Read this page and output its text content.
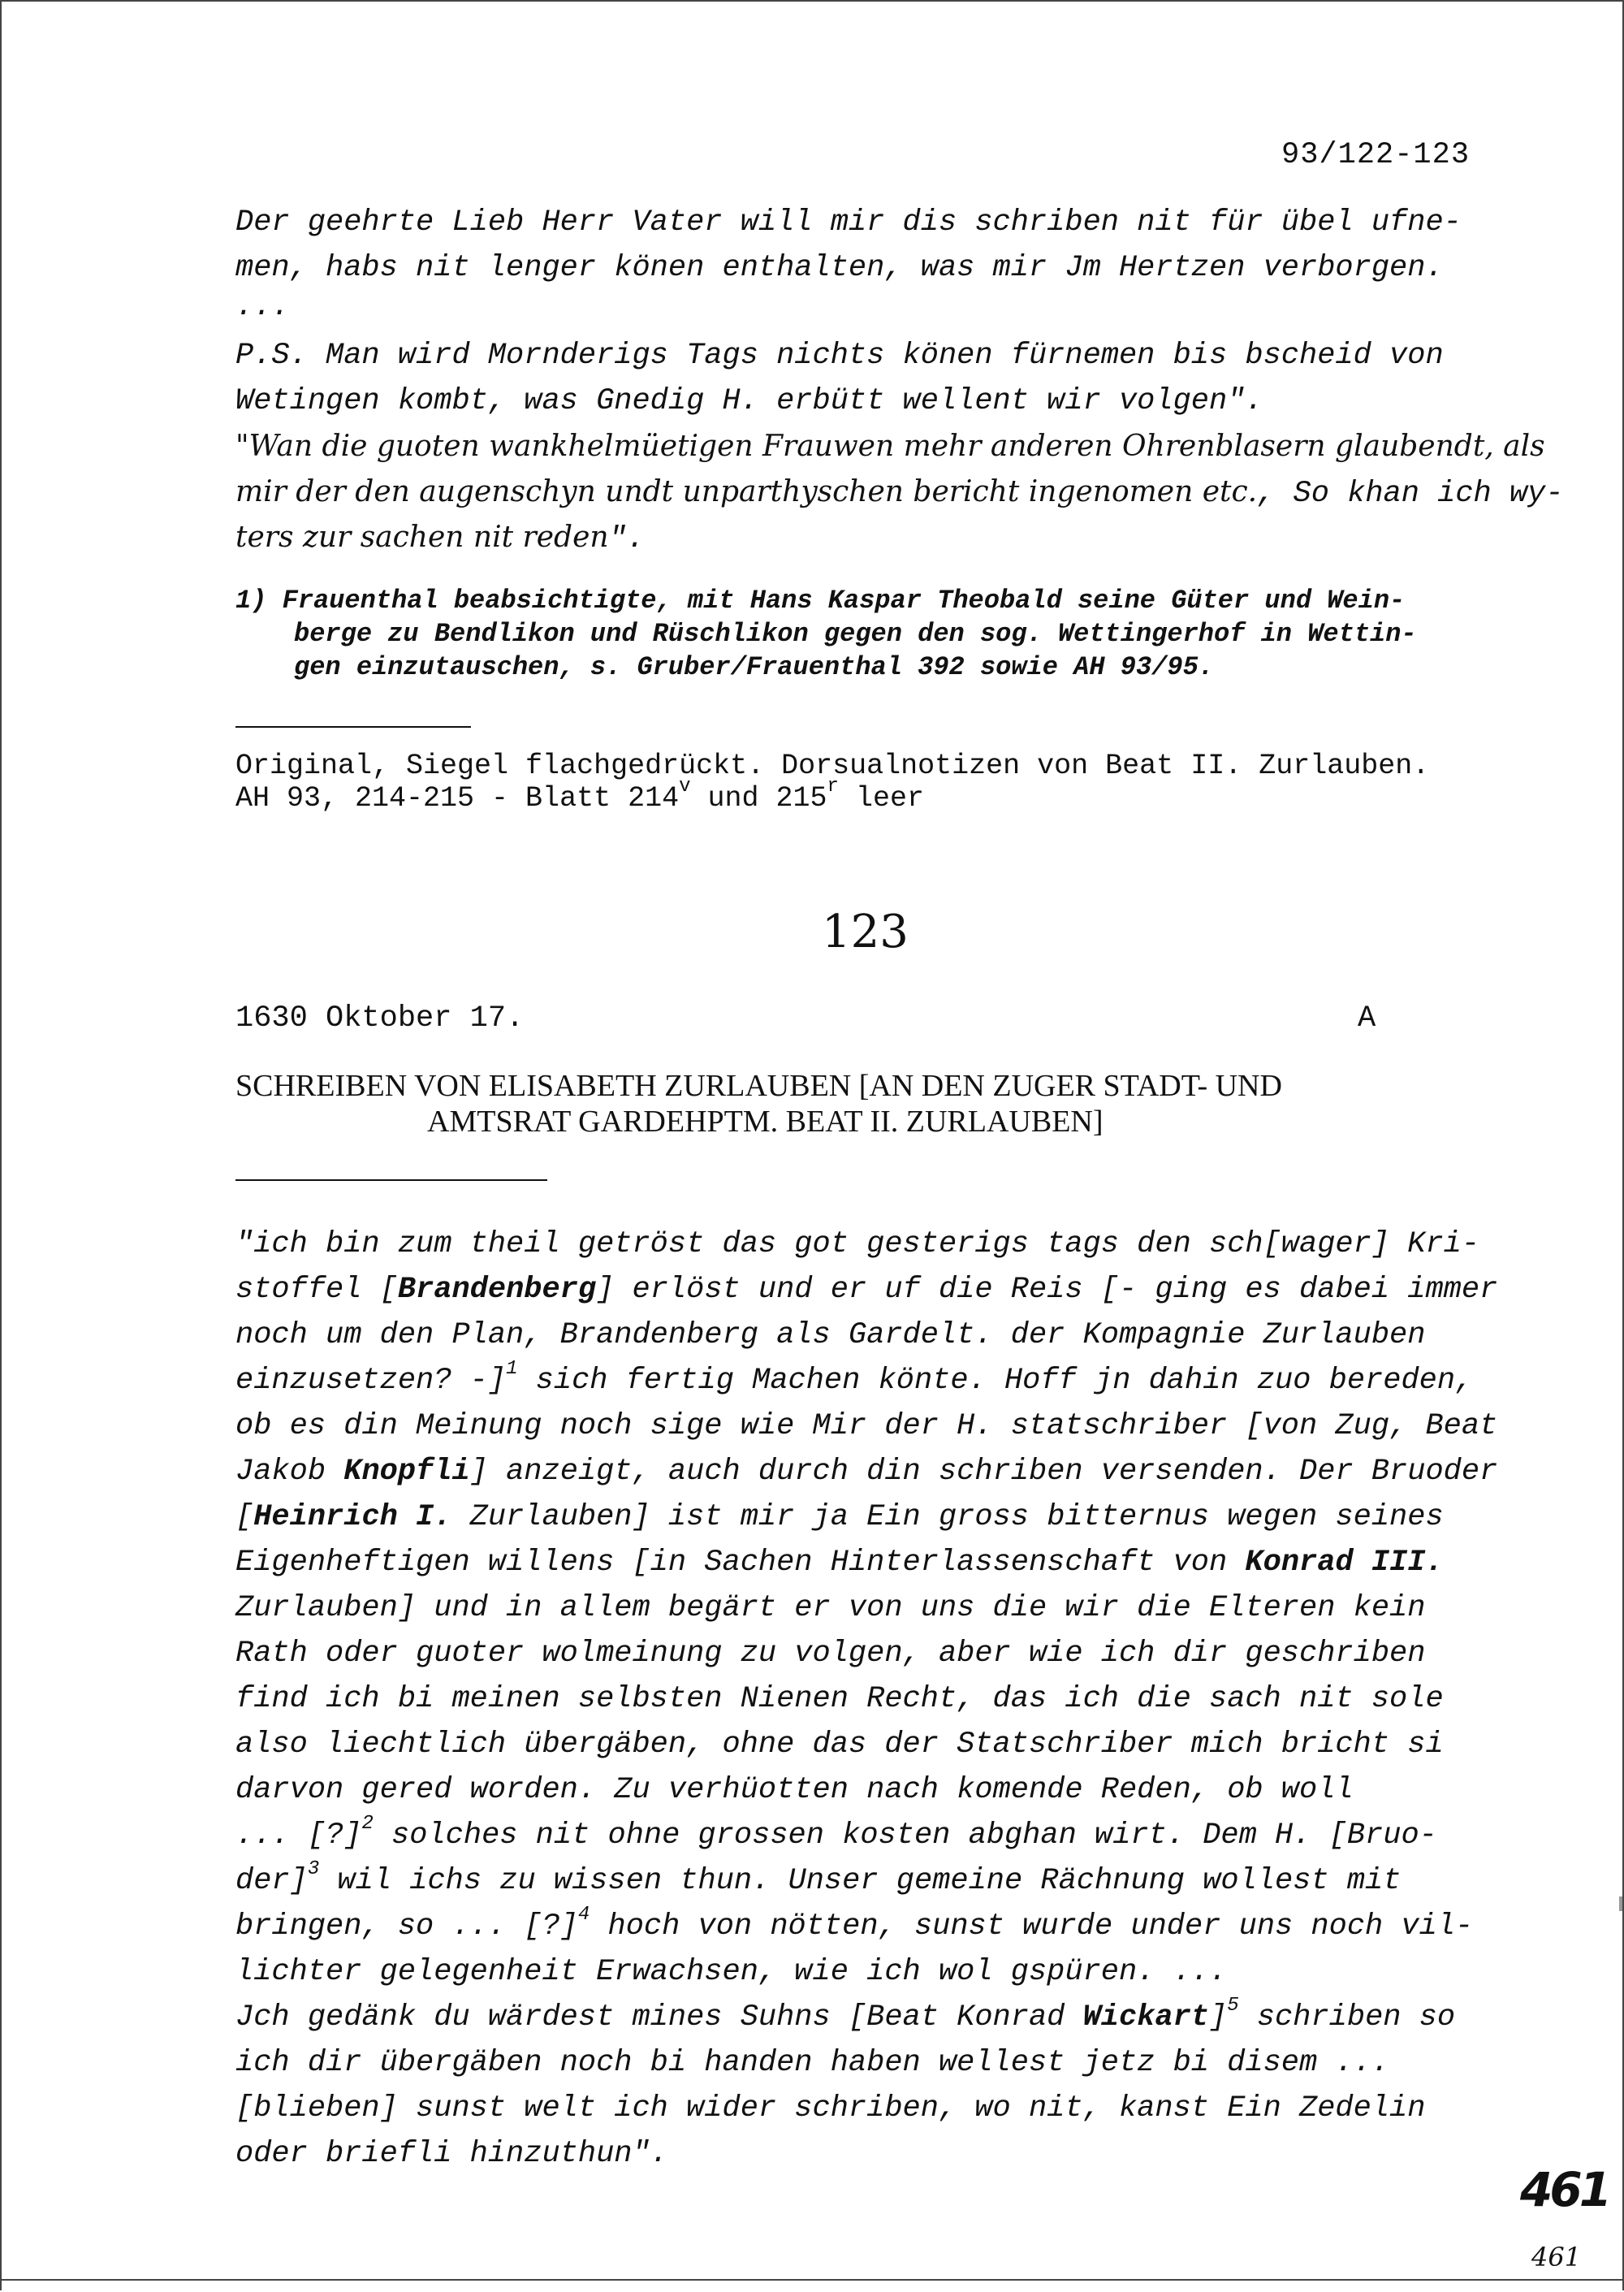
93/122-123
Der geehrte Lieb Herr Vater will mir dis schriben nit für übel ufne-
men, habs nit lenger könen enthalten, was mir Jm Hertzen verborgen.
...
P.S. Man wird Mornderigs Tags nichts könen fürnemen bis bscheid von
Wetingen kombt, was Gnedig H. erbütt wellent wir volgen".
"Wan die guoten wankhelmüetigen Frauwen mehr anderen Ohrenblasern glaubendt, als
mir der den augenschyn undt unparthyschen bericht ingenomen etc., So khan ich wy-
ters zur sachen nit reden".
1) Frauenthal beabsichtigte, mit Hans Kaspar Theobald seine Güter und Wein-
berge zu Bendlikon und Rüschlikon gegen den sog. Wettingerhof in Wettin-
gen einzutauschen, s. Gruber/Frauenthal 392 sowie AH 93/95.
Original, Siegel flachgedrückt. Dorsualnotizen von Beat II. Zurlauben.
AH 93, 214-215 - Blatt 214$^v$ und 215$^r$ leer
123
1630 Oktober 17.	A
SCHREIBEN VON ELISABETH ZURLAUBEN [AN DEN ZUGER STADT- UND
AMTSRAT GARDEHPTM. BEAT II. ZURLAUBEN]
"ich bin zum theil getröst das got gesterigs tags den sch[wager] Kri-
stoffel [Brandenberg] erlöst und er uf die Reis [- ging es dabei immer
noch um den Plan, Brandenberg als Gardelt. der Kompagnie Zurlauben
einzusetzen? -]$^1$ sich fertig Machen könte. Hoff jn dahin zuo bereden,
ob es din Meinung noch sige wie Mir der H. statschriber [von Zug, Beat
Jakob Knopfli] anzeigt, auch durch din schriben versenden. Der Bruoder
[Heinrich I. Zurlauben] ist mir ja Ein gross bitternus wegen seines
Eigenheftigen willens [in Sachen Hinterlassenschaft von Konrad III.
Zurlauben] und in allem begärt er von uns die wir die Elteren kein
Rath oder guoter wolmeinung zu volgen, aber wie ich dir geschriben
find ich bi meinen selbsten Nienen Recht, das ich die sach nit sole
also liechtlich übergäben, ohne das der Statschriber mich bricht si
darvon gered worden. Zu verhüotten nach komende Reden, ob woll
... [?]$^2$ solches nit ohne grossen kosten abghan wirt. Dem H. [Bruo-
der]$^3$ wil ichs zu wissen thun. Unser gemeine Rächnung wollest mit
bringen, so ... [?]$^4$ hoch von nötten, sunst wurde under uns noch vil-
lichter gelegenheit Erwachsen, wie ich wol gspüren. ...
Jch gedänk du wärdest mines Suhns [Beat Konrad Wickart]$^5$ schriben so
ich dir übergäben noch bi handen haben wellest jetz bi disem ...
[blieben] sunst welt ich wider schriben, wo nit, kanst Ein Zedelin
oder briefli hinzuthun".
461
461
